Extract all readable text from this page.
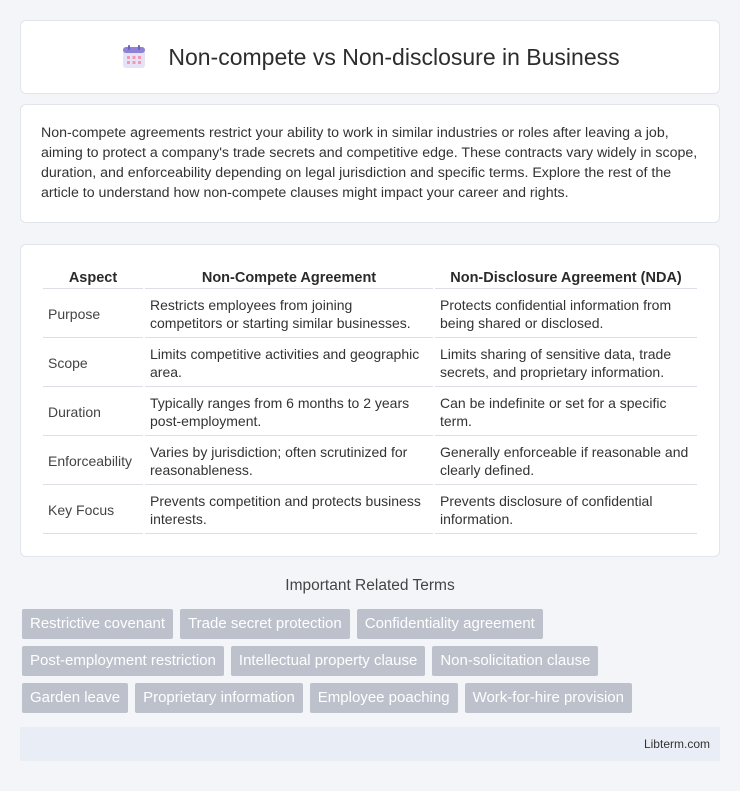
Non-compete vs Non-disclosure in Business

Non-compete agreements restrict your ability to work in similar industries or roles after leaving a job, aiming to protect a company's trade secrets and competitive edge. These contracts vary widely in scope, duration, and enforceability depending on legal jurisdiction and specific terms. Explore the rest of the article to understand how non-compete clauses might impact your career and rights.

Aspect	Non-Compete Agreement	Non-Disclosure Agreement (NDA)
Purpose	Restricts employees from joining competitors or starting similar businesses.	Protects confidential information from being shared or disclosed.
Scope	Limits competitive activities and geographic area.	Limits sharing of sensitive data, trade secrets, and proprietary information.
Duration	Typically ranges from 6 months to 2 years post-employment.	Can be indefinite or set for a specific term.
Enforceability	Varies by jurisdiction; often scrutinized for reasonableness.	Generally enforceable if reasonable and clearly defined.
Key Focus	Prevents competition and protects business interests.	Prevents disclosure of confidential information.
Important Related Terms
Restrictive covenant	Trade secret protection	Confidentiality agreement
Post-employment restriction	Intellectual property clause	Non-solicitation clause
Garden leave	Proprietary information	Employee poaching	Work-for-hire provision
Libterm.com
